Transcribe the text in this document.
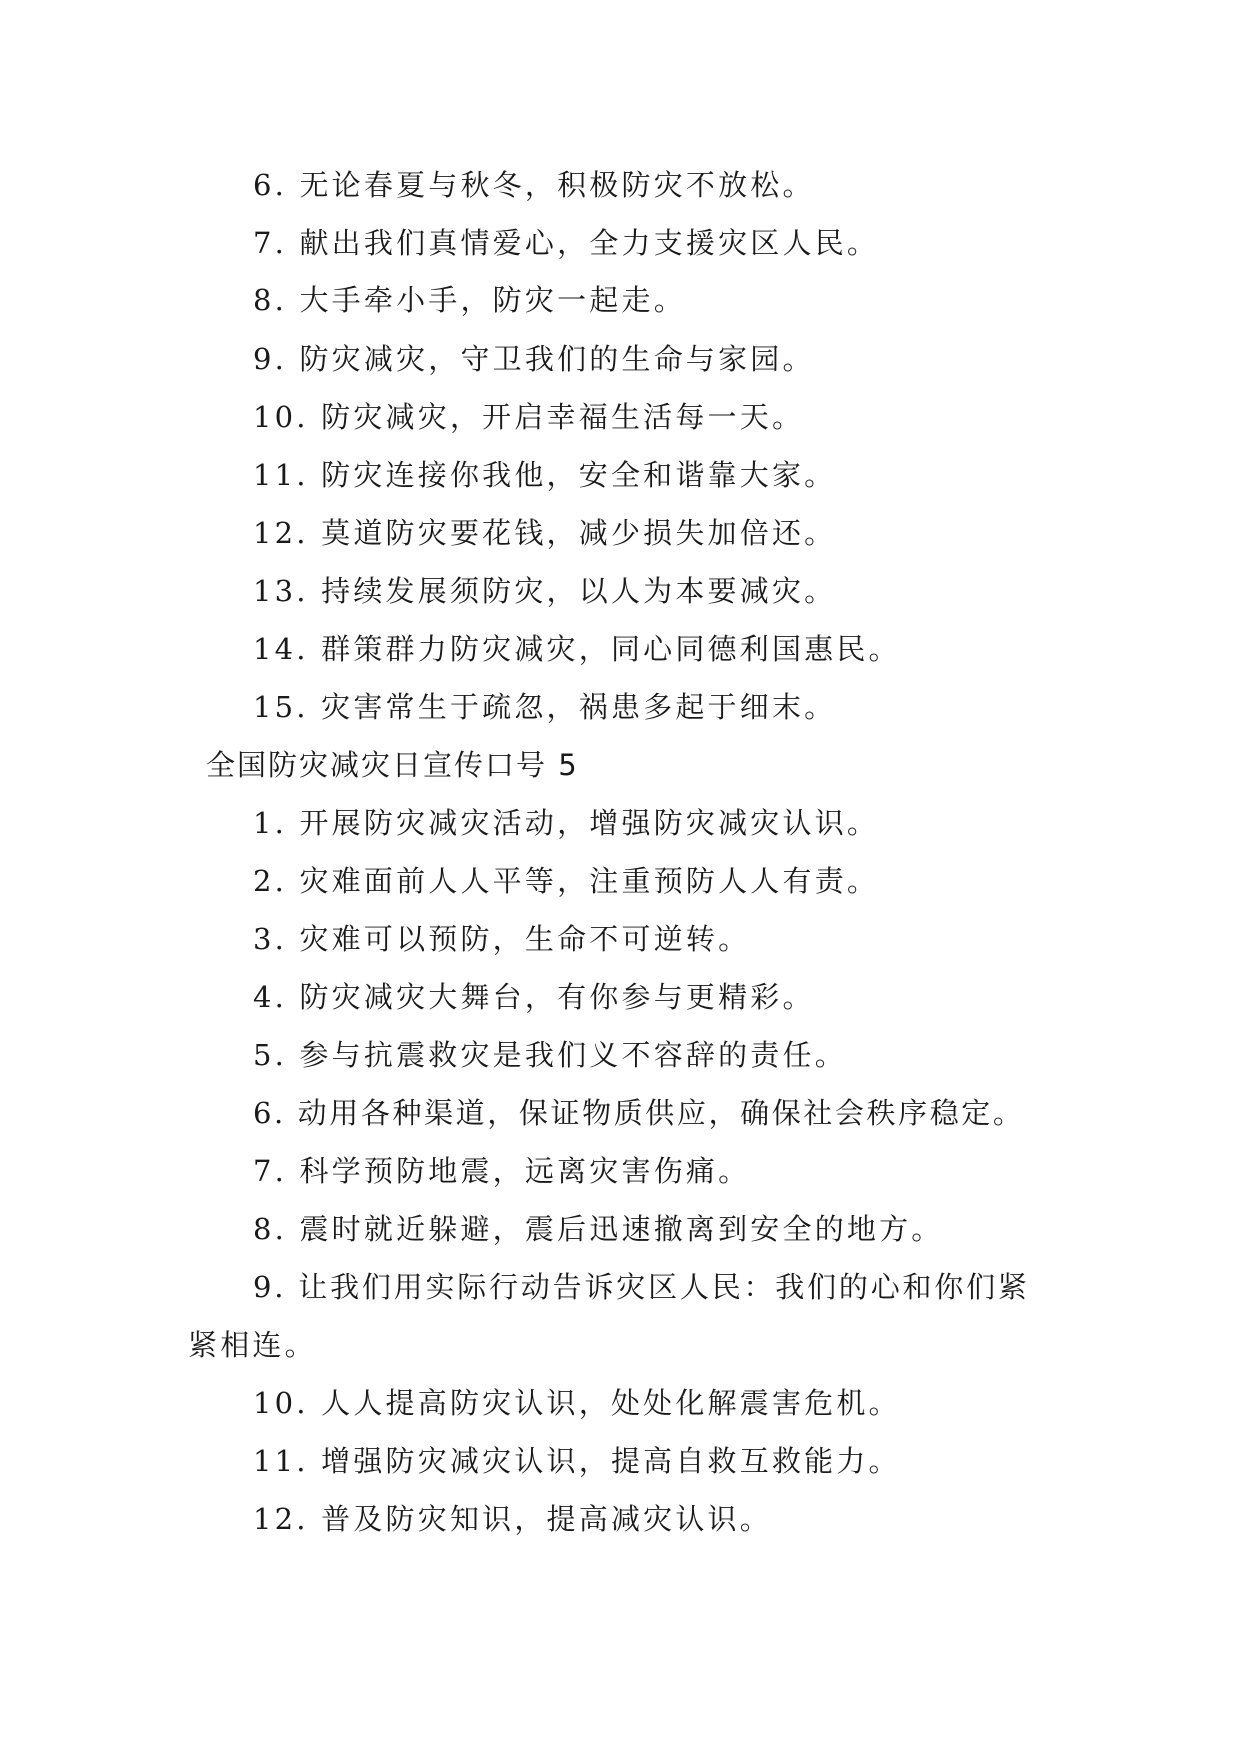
6. 无论春夏与秋冬，积极防灾不放松。
7. 献出我们真情爱心，全力支援灾区人民。
8. 大手牵小手，防灾一起走。
9. 防灾减灾，守卫我们的生命与家园。
10. 防灾减灾，开启幸福生活每一天。
11. 防灾连接你我他，安全和谐靠大家。
12. 莫道防灾要花钱，减少损失加倍还。
13. 持续发展须防灾，以人为本要减灾。
14. 群策群力防灾减灾，同心同德利国惠民。
15. 灾害常生于疏忽，祸患多起于细末。
全国防灾减灾日宣传口号 5
1. 开展防灾减灾活动，增强防灾减灾认识。
2. 灾难面前人人平等，注重预防人人有责。
3. 灾难可以预防，生命不可逆转。
4. 防灾减灾大舞台，有你参与更精彩。
5. 参与抗震救灾是我们义不容辞的责任。
6. 动用各种渠道，保证物质供应，确保社会秩序稳定。
7. 科学预防地震，远离灾害伤痛。
8. 震时就近躲避，震后迅速撤离到安全的地方。
9. 让我们用实际行动告诉灾区人民：我们的心和你们紧
紧相连。
10. 人人提高防灾认识，处处化解震害危机。
11. 增强防灾减灾认识，提高自救互救能力。
12. 普及防灾知识，提高减灾认识。
